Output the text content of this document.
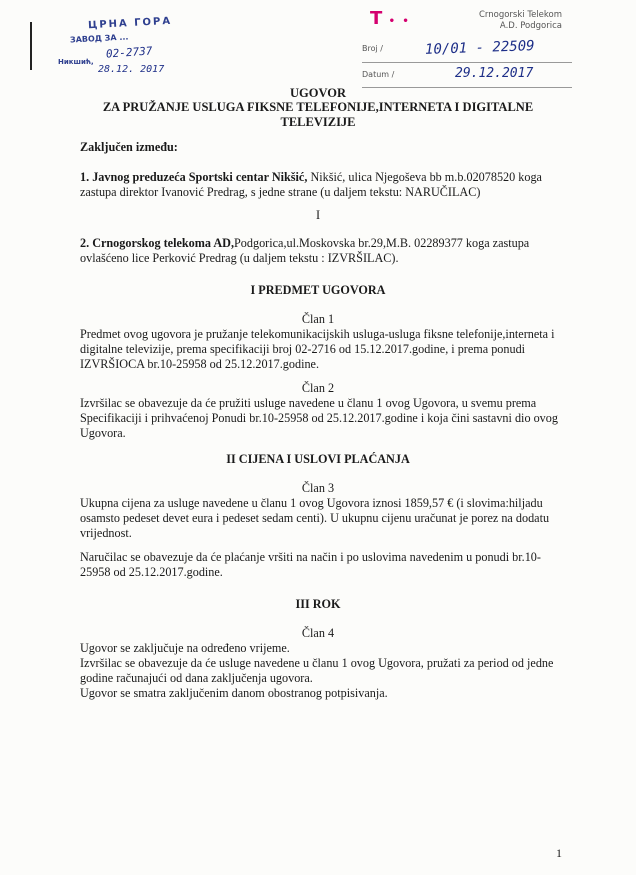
ЦРНА ГОРА
ЗАВОД ЗА ...
02-2737
Никшић,
28.12. 2017
T • •
Crnogorski Telekom
A.D. Podgorica
Broj /	10/01 - 22509
Datum /	29.12.2017
UGOVOR
ZA PRUŽANJE USLUGA FIKSNE TELEFONIJE,INTERNETA I DIGITALNE TELEVIZIJE
Zaključen između:
1. Javnog preduzeća Sportski centar Nikšić, Nikšić, ulica Njegoševa bb m.b.02078520 koga zastupa direktor Ivanović Predrag, s jedne strane (u daljem tekstu: NARUČILAC)
I
2. Crnogorskog telekoma AD,Podgorica,ul.Moskovska br.29,M.B. 02289377 koga zastupa ovlašćeno lice Perković Predrag (u daljem tekstu : IZVRŠILAC).
I PREDMET UGOVORA
Član 1
Predmet ovog ugovora je pružanje telekomunikacijskih usluga-usluga fiksne telefonije,interneta i digitalne televizije, prema specifikaciji broj 02-2716 od 15.12.2017.godine, i prema ponudi IZVRŠIOCA br.10-25958 od 25.12.2017.godine.
Član 2
Izvršilac se obavezuje da će pružiti usluge navedene u članu 1 ovog Ugovora, u svemu prema Specifikaciji i prihvaćenoj Ponudi br.10-25958 od 25.12.2017.godine i koja čini sastavni dio ovog Ugovora.
II CIJENA I USLOVI PLAĆANJA
Član 3
Ukupna cijena za usluge navedene u članu 1 ovog Ugovora iznosi 1859,57 € (i slovima:hiljadu osamsto pedeset devet eura i pedeset sedam centi). U ukupnu cijenu uračunat je porez na dodatu vrijednost.
Naručilac se obavezuje da će plaćanje vršiti na način i po uslovima navedenim u ponudi br.10-25958 od 25.12.2017.godine.
III ROK
Član 4
Ugovor se zaključuje na određeno vrijeme.
Izvršilac se obavezuje da će usluge navedene u članu 1 ovog Ugovora, pružati za period od jedne godine računajući od dana zaključenja ugovora.
Ugovor se smatra zaključenim danom obostranog potpisivanja.
1
